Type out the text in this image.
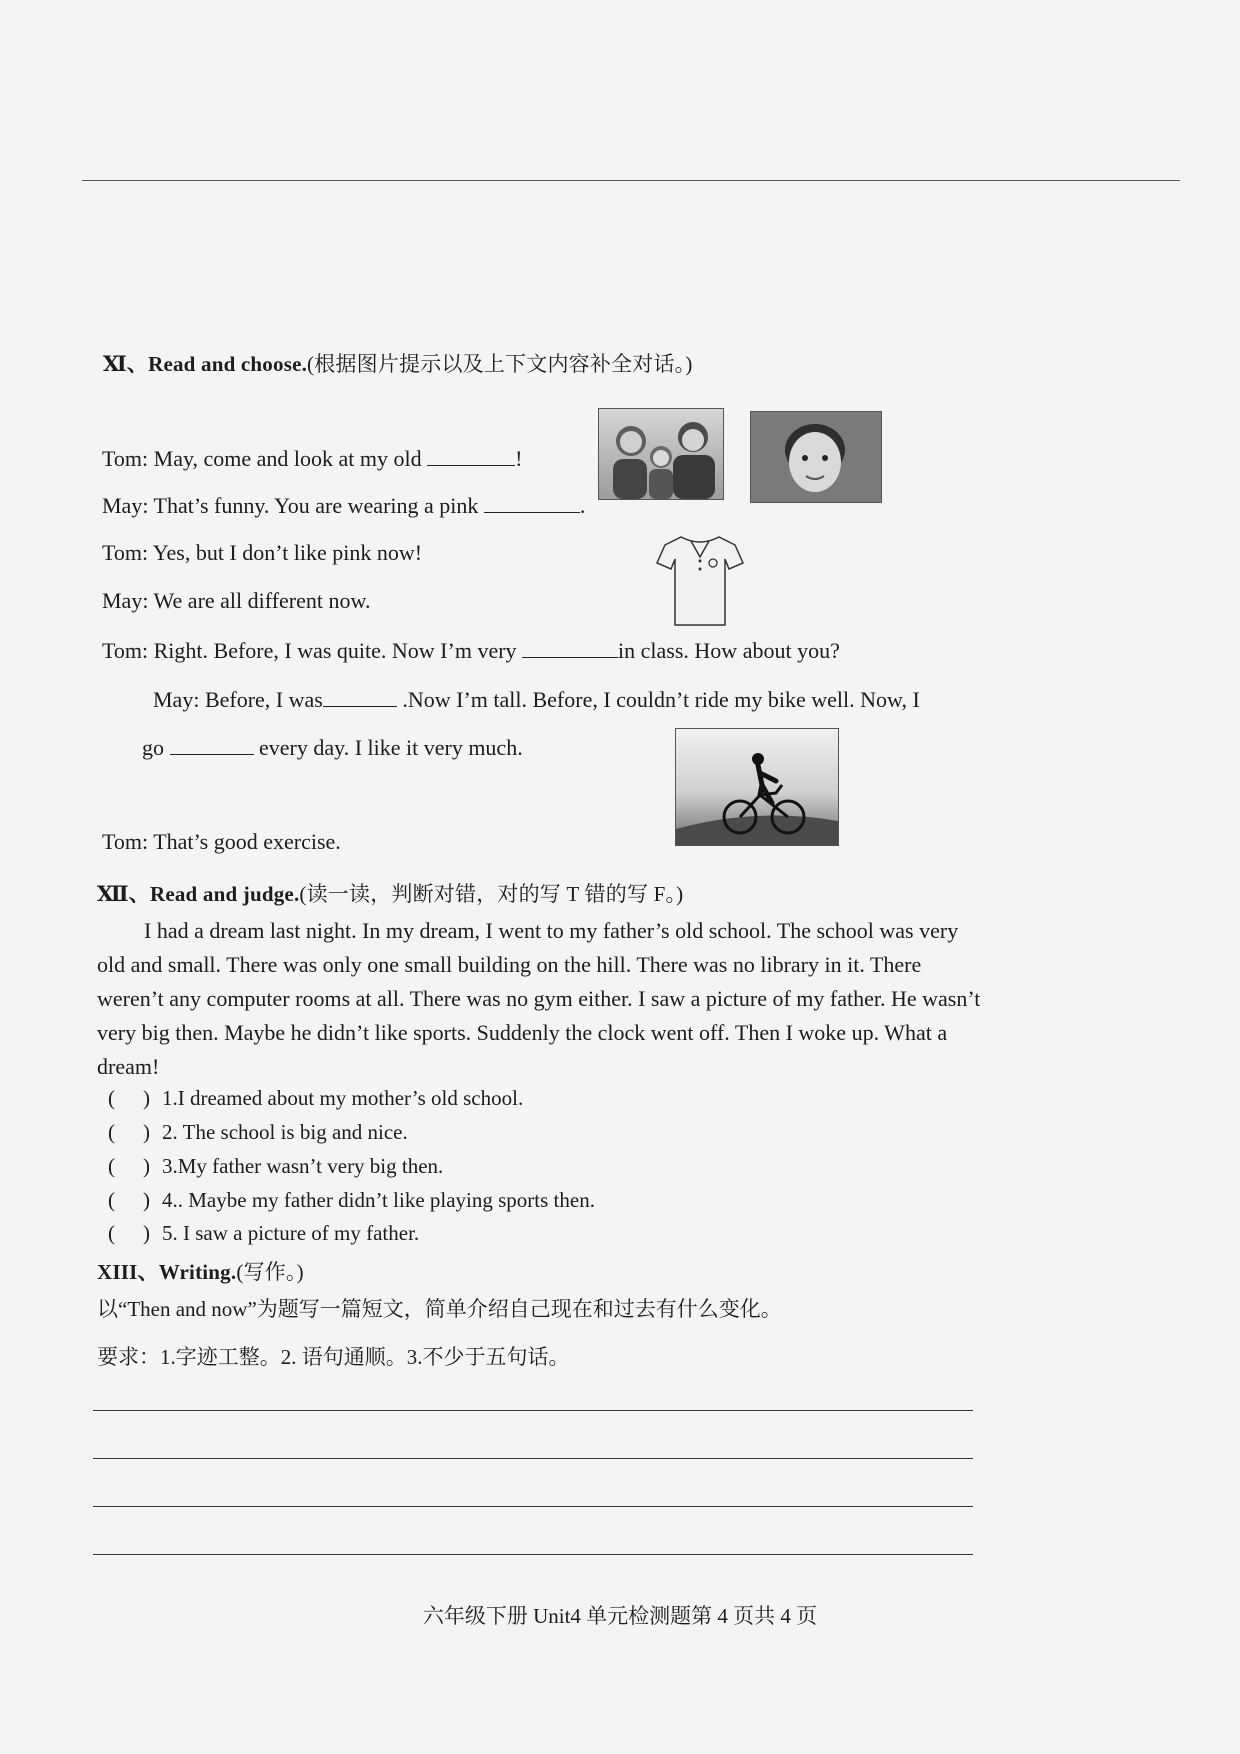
Ⅺ、Read and choose.(根据图片提示以及上下文内容补全对话。)
Tom: May, come and look at my old	!
May: That’s funny. You are wearing a pink	.
Tom: Yes, but I don’t like pink now!
May: We are all different now.
Tom: Right. Before, I was quite. Now I’m very	in class. How about you?
May: Before, I was	.Now I’m tall. Before, I couldn’t ride my bike well. Now, I
go	every day. I like it very much.
Tom: That’s good exercise.
Ⅻ、Read and judge.(读一读，判断对错，对的写 T 错的写 F。)

I had a dream last night. In my dream, I went to my father’s old school. The school was very old and small. There was only one small building on the hill. There was no library in it. There weren’t any computer rooms at all. There was no gym either. I saw a picture of my father. He wasn’t very big then. Maybe he didn’t like sports. Suddenly the clock went off. Then I woke up. What a dream!

()1.I dreamed about my mother’s old school.
()2. The school is big and nice.
()3.My father wasn’t very big then.
()4.. Maybe my father didn’t like playing sports then.
()5. I saw a picture of my father.
XIII、Writing.(写作。)
以“Then and now”为题写一篇短文，简单介绍自己现在和过去有什么变化。
要求：1.字迹工整。2. 语句通顺。3.不少于五句话。
六年级下册 Unit4 单元检测题第 4 页共 4 页
